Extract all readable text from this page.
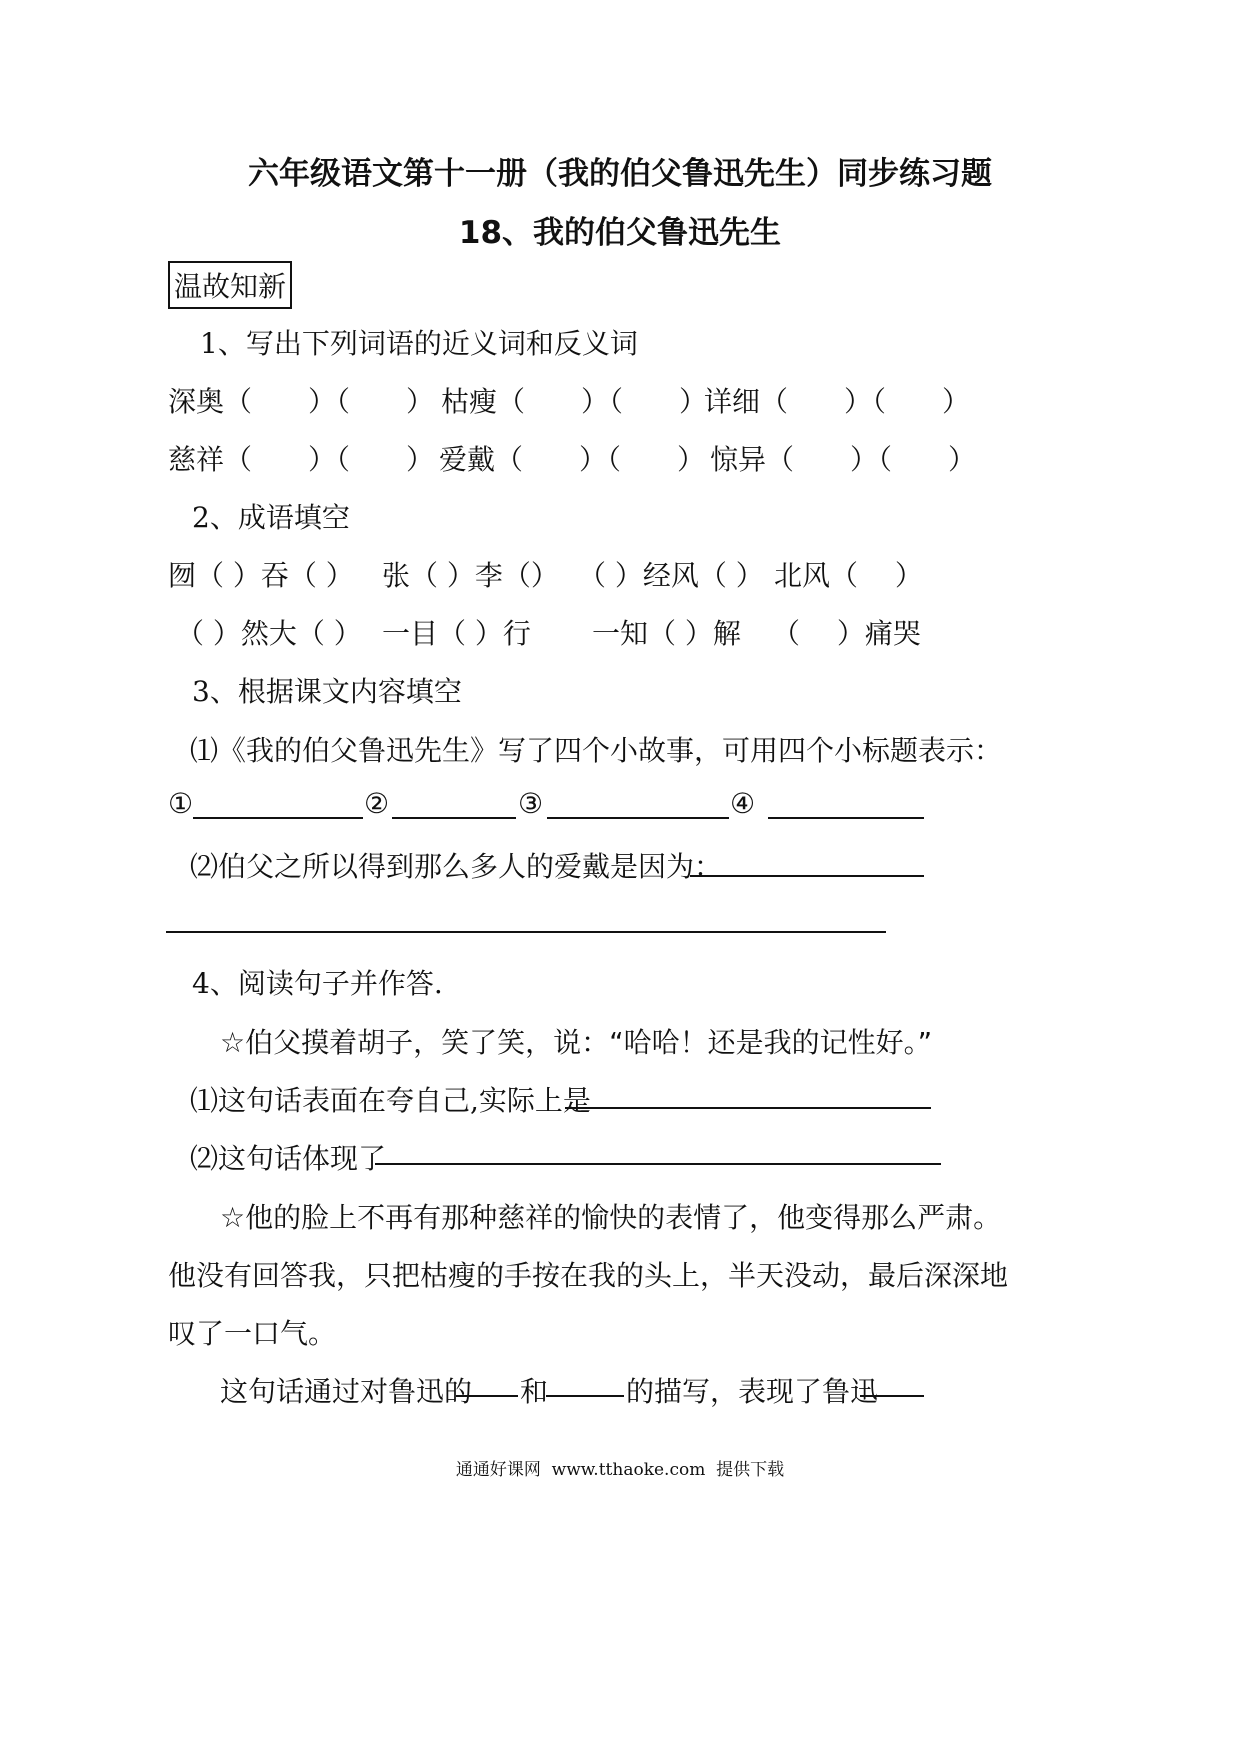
六年级语文第十一册（我的伯父鲁迅先生）同步练习题
18、我的伯父鲁迅先生
温故知新
1、写出下列词语的近义词和反义词
深奥（　　）（　　） 枯瘦（　　）（　　）
详细（　　）（　　）
慈祥（　　）（　　） 爱戴（　　）（　　） 惊异（　　）（　　）
2、成语填空
囫（ ）吞（ ） 张（ ）李（） （ ）经风（ ） 北风（　 ）
（ ）然大（ ） 一目（ ）行 一知（ ）解 （　 ）痛哭
3、根据课文内容填空
⑴《我的伯父鲁迅先生》写了四个小故事，可用四个小标题表示：
①	②	③	④
⑵伯父之所以得到那么多人的爱戴是因为：
4、阅读句子并作答.
☆伯父摸着胡子，笑了笑，说：“哈哈！还是我的记性好。”
⑴这句话表面在夸自己,实际上是
⑵这句话体现了
☆他的脸上不再有那种慈祥的愉快的表情了，他变得那么严肃。
他没有回答我，只把枯瘦的手按在我的头上，半天没动，最后深深地
叹了一口气。
这句话通过对鲁迅的 和	的描写，表现了鲁迅
通通好课网  www.tthaoke.com  提供下载
